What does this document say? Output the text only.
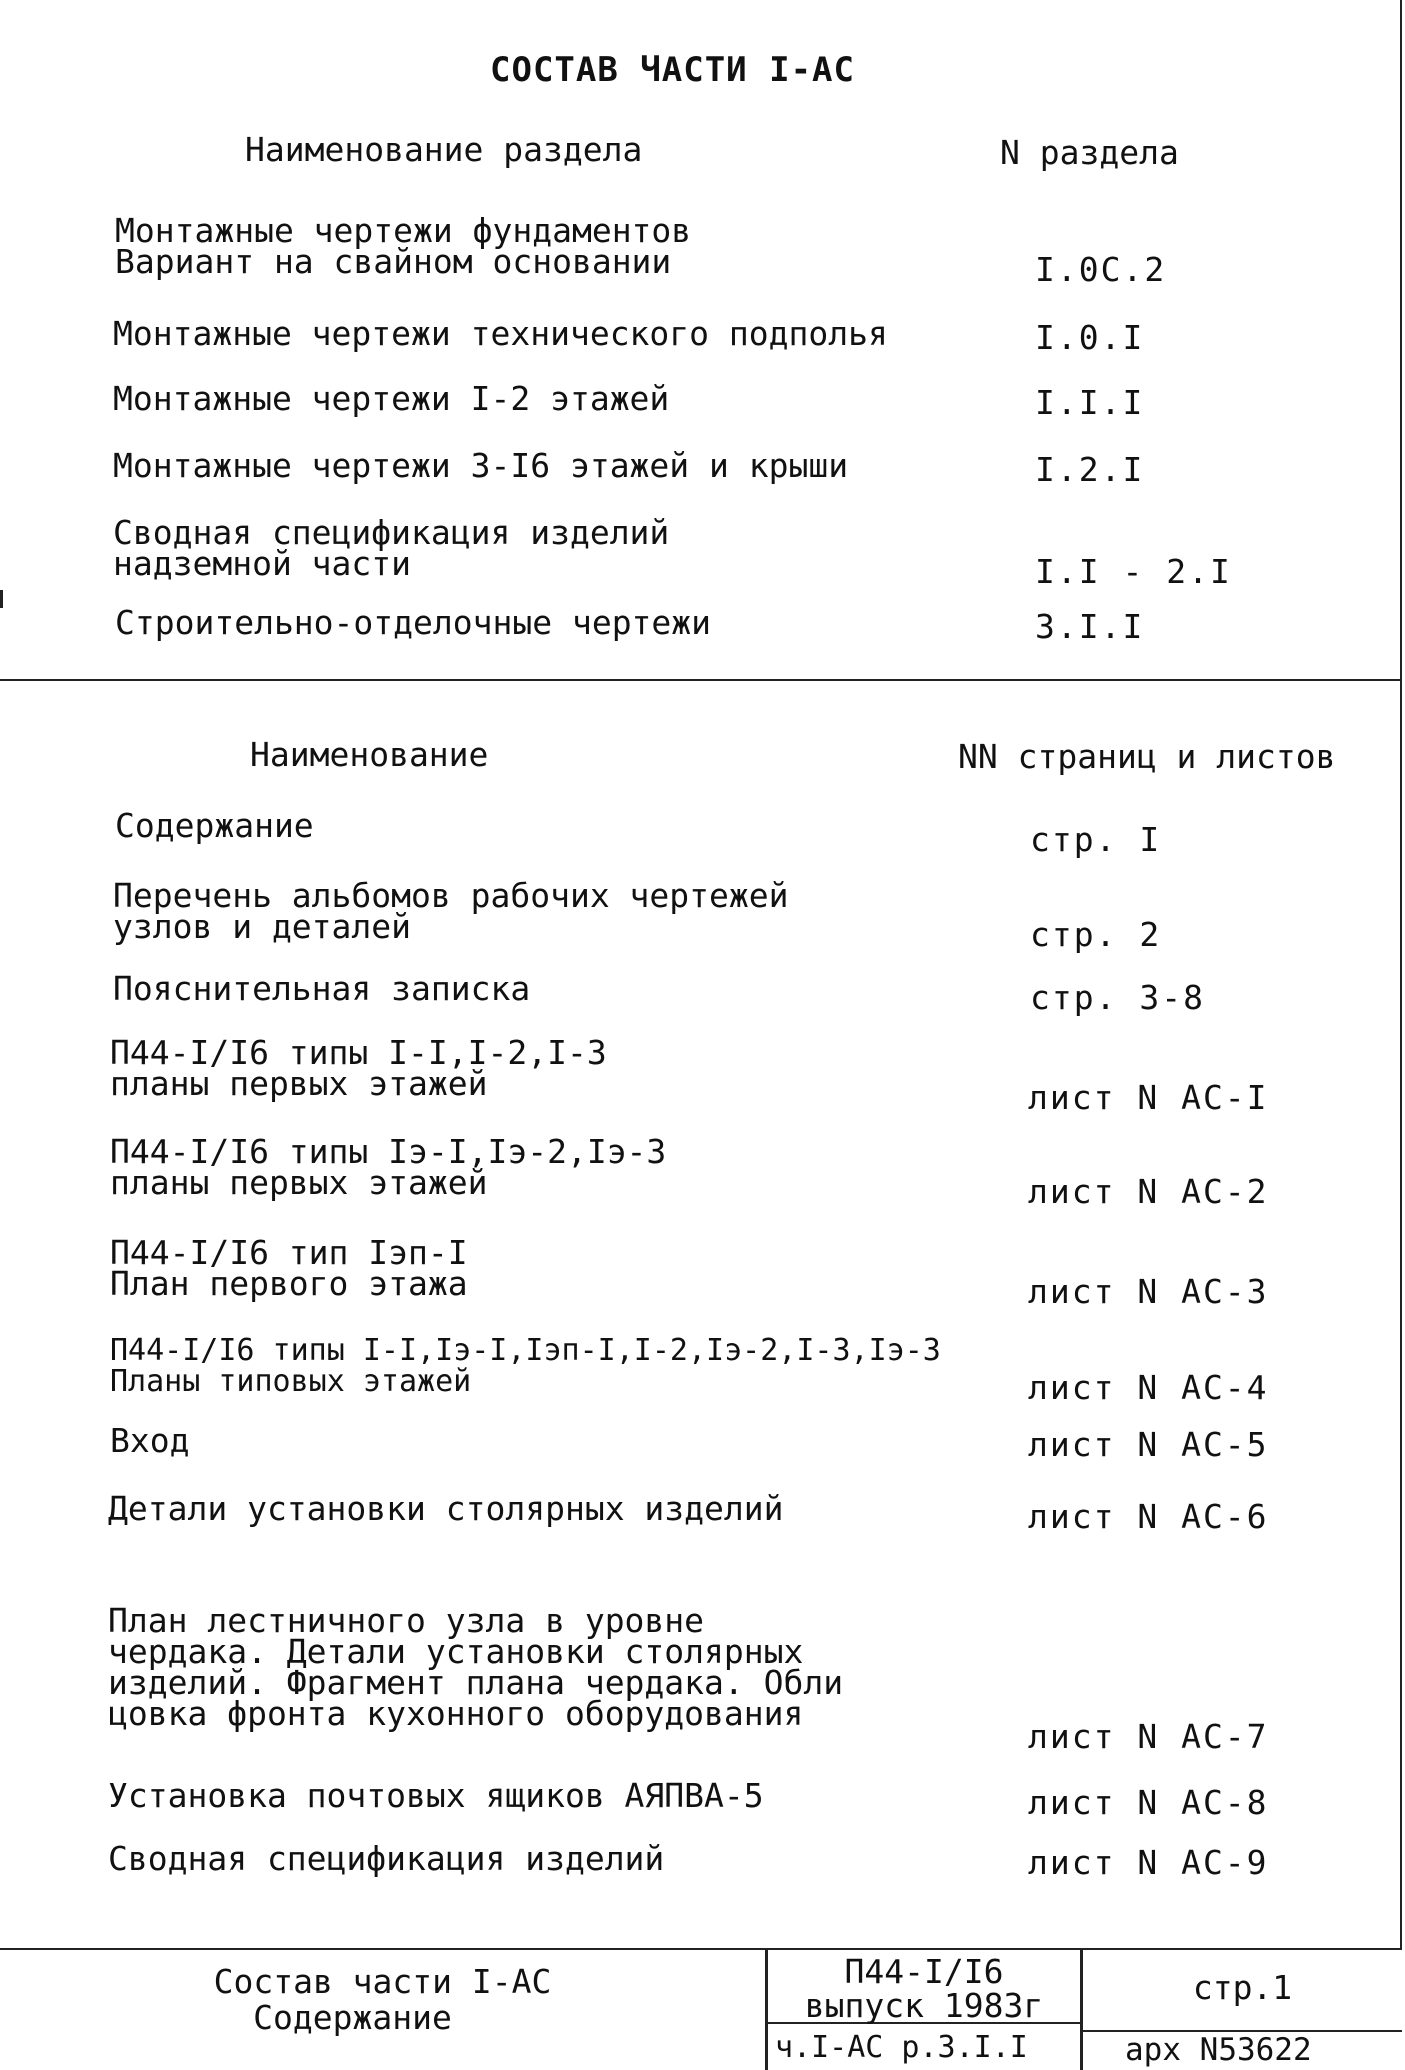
СОСТАВ ЧАСТИ I-АС
Наименование раздела	N раздела
Монтажные чертежи фундаментов
Вариант на свайном основании	I.0С.2
Монтажные чертежи технического подполья	I.0.I
Монтажные чертежи I-2 этажей	I.I.I
Монтажные чертежи 3-I6 этажей и крыши	I.2.I
Сводная спецификация изделий
надземной части	I.I - 2.I
Строительно-отделочные чертежи	3.I.I
Наименование	NN страниц и листов
Содержание	стр. I
Перечень альбомов рабочих чертежей
узлов и деталей	стр. 2
Пояснительная записка	стр. 3-8
П44-I/I6 типы I-I,I-2,I-3
планы первых этажей	лист N АС-I
П44-I/I6 типы Iэ-I,Iэ-2,Iэ-3
планы первых этажей	лист N АС-2
П44-I/I6 тип Iэп-I
План первого этажа	лист N АС-3
П44-I/I6 типы I-I,Iэ-I,Iэп-I,I-2,Iэ-2,I-3,Iэ-3
Планы типовых этажей	лист N АС-4
Вход	лист N АС-5
Детали установки столярных изделий	лист N АС-6
План лестничного узла в уровне
чердака. Детали установки столярных
изделий. Фрагмент плана чердака. Обли
цовка фронта кухонного оборудования
лист N АС-7
Установка почтовых ящиков АЯПВА-5	лист N АС-8
Сводная спецификация изделий	лист N АС-9
Состав части I-АС
Содержание
П44-I/I6
выпуск 1983г
ч.I-АС р.3.I.I
стр.1
арх N53622
